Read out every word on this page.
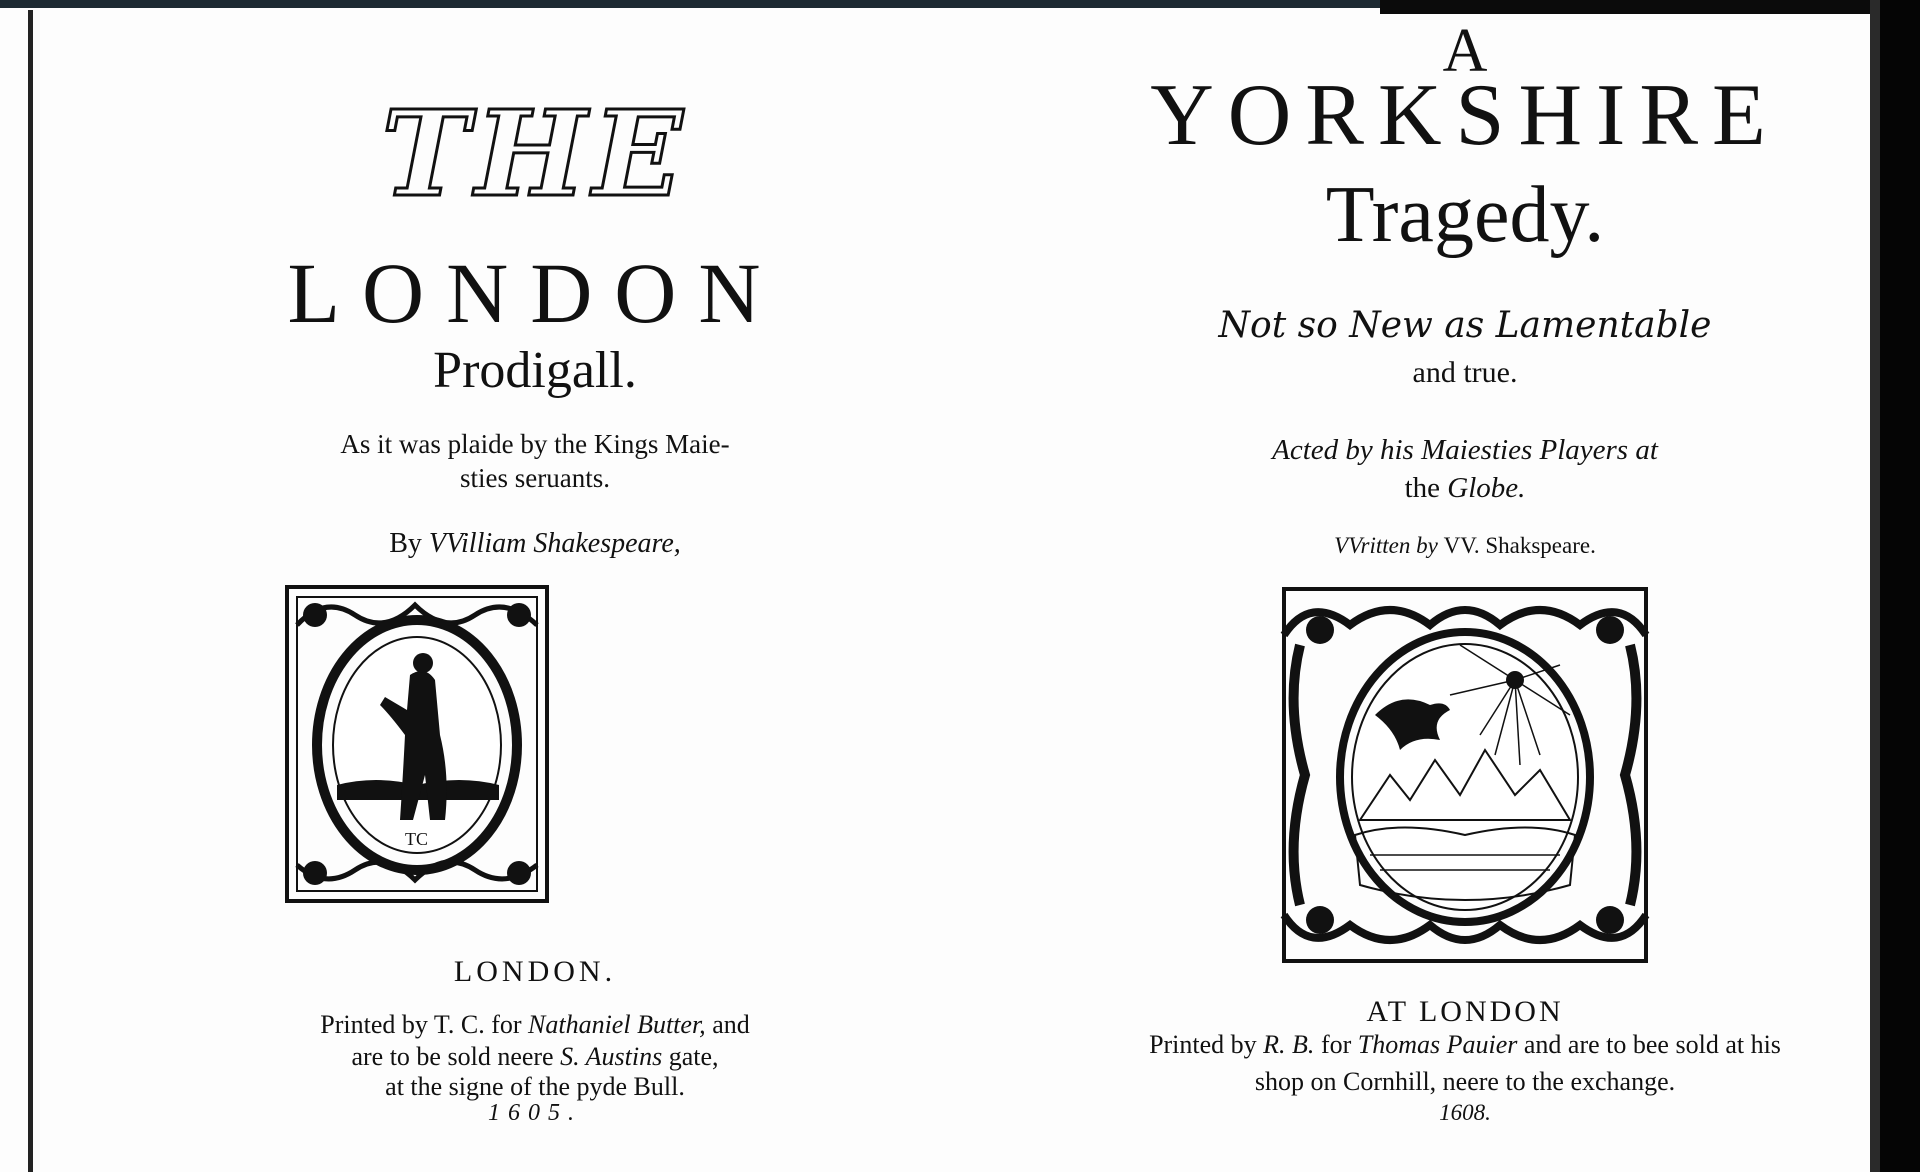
THE
LONDON
Prodigall.
As it was plaide by the Kings Maie-
sties seruants.
By VVilliam Shakespeare,
TC
LONDON.
Printed by T. C. for Nathaniel Butter, and
are to be sold neere S. Austins gate,
at the signe of the pyde Bull.
1605.
A
YORKSHIRE
Tragedy.
Not so New as Lamentable
and true.
Acted by his Maiesties Players at
the Globe.
VVritten by VV. Shakspeare.
AT LONDON
Printed by R. B. for Thomas Pauier and are to bee sold at his
shop on Cornhill, neere to the exchange.
1608.
